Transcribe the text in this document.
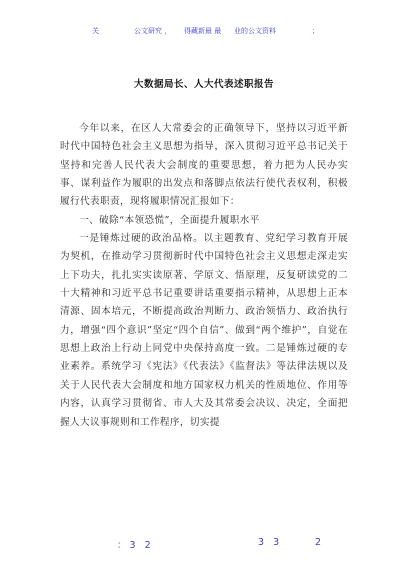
关	公文研究 ， 得藏新最 最 业的公文资料	；
大数据局长、人大代表述职报告

今年以来，在区人大常委会的正确领导下，坚持以习近平新时代中国特色社会主义思想为指导，深入贯彻习近平总书记关于坚持和完善人民代表大会制度的重要思想，着力把为人民办实事、谋利益作为履职的出发点和落脚点依法行使代表权利，积极履行代表职责，现将履职情况汇报如下：

一、破除“本领恐慌”，全面提升履职水平

一是锤炼过硬的政治品格。以主题教育、党纪学习教育开展为契机，在推动学习贯彻新时代中国特色社会主义思想走深走实上下功夫，扎扎实实读原著、学原文、悟原理，反复研读党的二十大精神和习近平总书记重要讲话重要指示精神，从思想上正本清源、固本培元，不断提高政治判断力、政治领悟力、政治执行力，增强“四个意识”坚定“四个自信”、做到“两个维护”，自觉在思想上政治上行动上同党中央保持高度一致。二是锤炼过硬的专业素养。系统学习《宪法》《代表法》《监督法》等法律法规以及关于人民代表大会制度和地方国家权力机关的性质地位、作用等内容，认真学习贯彻省、市人大及其常委会决议、决定，全面把握人大议事规则和工作程序，切实提

：3 2	3 3	2
